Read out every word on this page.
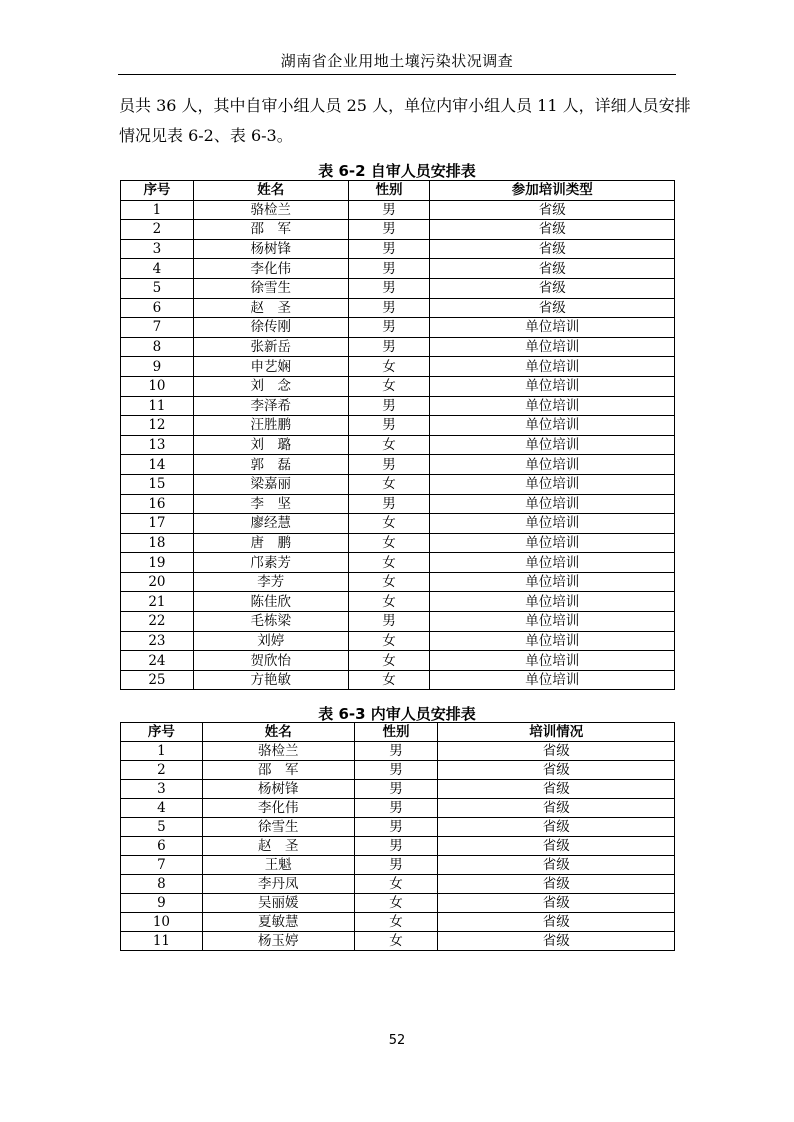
湖南省企业用地土壤污染状况调查
员共 36 人，其中自审小组人员 25 人，单位内审小组人员 11 人，详细人员安排
情况见表 6-2、表 6-3。
表 6-2 自审人员安排表
序号	姓名	性别	参加培训类型
1	骆检兰	男	省级
2	邵　军	男	省级
3	杨树锋	男	省级
4	李化伟	男	省级
5	徐雪生	男	省级
6	赵　圣	男	省级
7	徐传刚	男	单位培训
8	张新岳	男	单位培训
9	申艺娴	女	单位培训
10	刘　念	女	单位培训
11	李泽希	男	单位培训
12	汪胜鹏	男	单位培训
13	刘　璐	女	单位培训
14	郭　磊	男	单位培训
15	梁嘉丽	女	单位培训
16	李　坚	男	单位培训
17	廖经慧	女	单位培训
18	唐　鹏	女	单位培训
19	邝素芳	女	单位培训
20	李芳	女	单位培训
21	陈佳欣	女	单位培训
22	毛栋梁	男	单位培训
23	刘婷	女	单位培训
24	贺欣怡	女	单位培训
25	方艳敏	女	单位培训
表 6-3 内审人员安排表
序号	姓名	性别	培训情况
1	骆检兰	男	省级
2	邵　军	男	省级
3	杨树锋	男	省级
4	李化伟	男	省级
5	徐雪生	男	省级
6	赵　圣	男	省级
7	王魁	男	省级
8	李丹凤	女	省级
9	吴丽媛	女	省级
10	夏敏慧	女	省级
11	杨玉婷	女	省级
52
